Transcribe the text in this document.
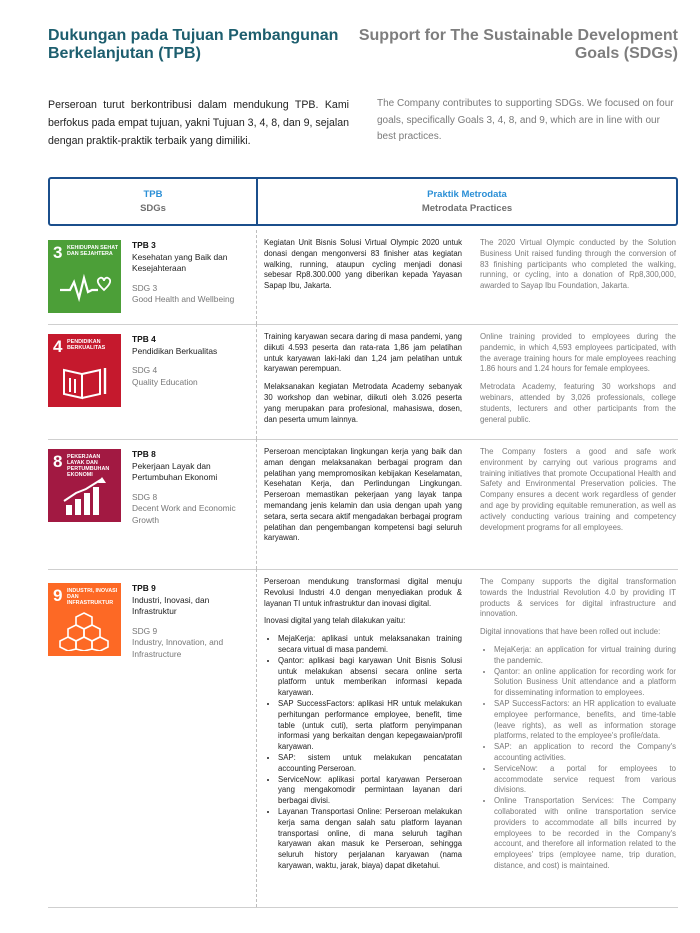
Dukungan pada Tujuan Pembangunan Berkelanjutan (TPB)
Support for The Sustainable Development Goals (SDGs)
Perseroan turut berkontribusi dalam mendukung TPB. Kami berfokus pada empat tujuan, yakni Tujuan 3, 4, 8, dan 9, sejalan dengan praktik-praktik terbaik yang dimiliki.
The Company contributes to supporting SDGs. We focused on four goals, specifically Goals 3, 4, 8, and 9, which are in line with our best practices.
TPB
SDGs
Praktik Metrodata
Metrodata Practices
3 KEHIDUPAN SEHAT DAN SEJAHTERA
TPB 3
Kesehatan yang Baik dan Kesejahteraan
SDG 3
Good Health and Wellbeing

Kegiatan Unit Bisnis Solusi Virtual Olympic 2020 untuk donasi dengan mengonversi 83 finisher atas kegiatan walking, running, ataupun cycling menjadi donasi sebesar Rp8.300.000 yang diberikan kepada Yayasan Sapap Ibu, Jakarta.

The 2020 Virtual Olympic conducted by the Solution Business Unit raised funding through the conversion of 83 finishing participants who completed the walking, running, or cycling, into a donation of Rp8,300,000, awarded to Sayap Ibu Foundation, Jakarta.

4 PENDIDIKAN BERKUALITAS
TPB 4
Pendidikan Berkualitas
SDG 4
Quality Education

Training karyawan secara daring di masa pandemi, yang diikuti 4.593 peserta dan rata-rata 1,86 jam pelatihan untuk karyawan laki-laki dan 1,24 jam pelatihan untuk karyawan perempuan.

Melaksanakan kegiatan Metrodata Academy sebanyak 30 workshop dan webinar, diikuti oleh 3.026 peserta yang merupakan para profesional, mahasiswa, dosen, dan peserta umum lainnya.

Online training provided to employees during the pandemic, in which 4,593 employees participated, with the average training hours for male employees reaching 1.86 hours and 1.24 hours for female employees.

Metrodata Academy, featuring 30 workshops and webinars, attended by 3,026 professionals, college students, lecturers and other participants from the general public.

8 PEKERJAAN LAYAK DAN PERTUMBUHAN EKONOMI
TPB 8
Pekerjaan Layak dan Pertumbuhan Ekonomi
SDG 8
Decent Work and Economic Growth

Perseroan menciptakan lingkungan kerja yang baik dan aman dengan melaksanakan berbagai program dan pelatihan yang mempromosikan kebijakan Keselamatan, Kesehatan Kerja, dan Perlindungan Lingkungan. Perseroan memastikan pekerjaan yang layak tanpa memandang jenis kelamin dan usia dengan upah yang setara, serta secara aktif mengadakan berbagai program pelatihan dan pengembangan kompetensi bagi seluruh karyawan.

The Company fosters a good and safe work environment by carrying out various programs and training initiatives that promote Occupational Health and Safety and Environmental Preservation policies. The Company ensures a decent work regardless of gender and age by providing equitable remuneration, as well as actively conducting various training and competency development programs for all employees.

9 INDUSTRI, INOVASI DAN INFRASTRUKTUR
TPB 9
Industri, Inovasi, dan Infrastruktur
SDG 9
Industry, Innovation, and Infrastructure

Perseroan mendukung transformasi digital menuju Revolusi Industri 4.0 dengan menyediakan produk & layanan TI untuk infrastruktur dan inovasi digital.

Inovasi digital yang telah dilakukan yaitu:

• MejaKerja: aplikasi untuk melaksanakan training secara virtual di masa pandemi.
• Qantor: aplikasi bagi karyawan Unit Bisnis Solusi untuk melakukan absensi secara online serta platform untuk memberikan informasi kepada karyawan.
• SAP SuccessFactors: aplikasi HR untuk melakukan perhitungan performance employee, benefit, time table (untuk cuti), serta platform penyimpanan informasi yang berkaitan dengan kepegawaian/profil karyawan.
• SAP: sistem untuk melakukan pencatatan accounting Perseroan.
• ServiceNow: aplikasi portal karyawan Perseroan yang mengakomodir permintaan layanan dari berbagai divisi.
• Layanan Transportasi Online: Perseroan melakukan kerja sama dengan salah satu platform layanan transportasi online, di mana seluruh tagihan karyawan akan masuk ke Perseroan, sehingga seluruh history perjalanan karyawan (nama karyawan, waktu, jarak, biaya) dapat diketahui.

The Company supports the digital transformation towards the Industrial Revolution 4.0 by providing IT products & services for digital infrastructure and innovation.

Digital innovations that have been rolled out include:

• MejaKerja: an application for virtual training during the pandemic.
• Qantor: an online application for recording work for Solution Business Unit attendance and a platform for disseminating information to employees.
• SAP SuccessFactors: an HR application to evaluate employee performance, benefits, and time-table (leave rights), as well as information storage platforms, related to the employee's profile/data.
• SAP: an application to record the Company's accounting activities.
• ServiceNow: a portal for employees to accommodate service request from various divisions.
• Online Transportation Services: The Company collaborated with online transportation service providers to accommodate all bills incurred by employees to be recorded in the Company's account, and therefore all information related to the employees' trips (employee name, trip duration, distance, and cost) is maintained.
